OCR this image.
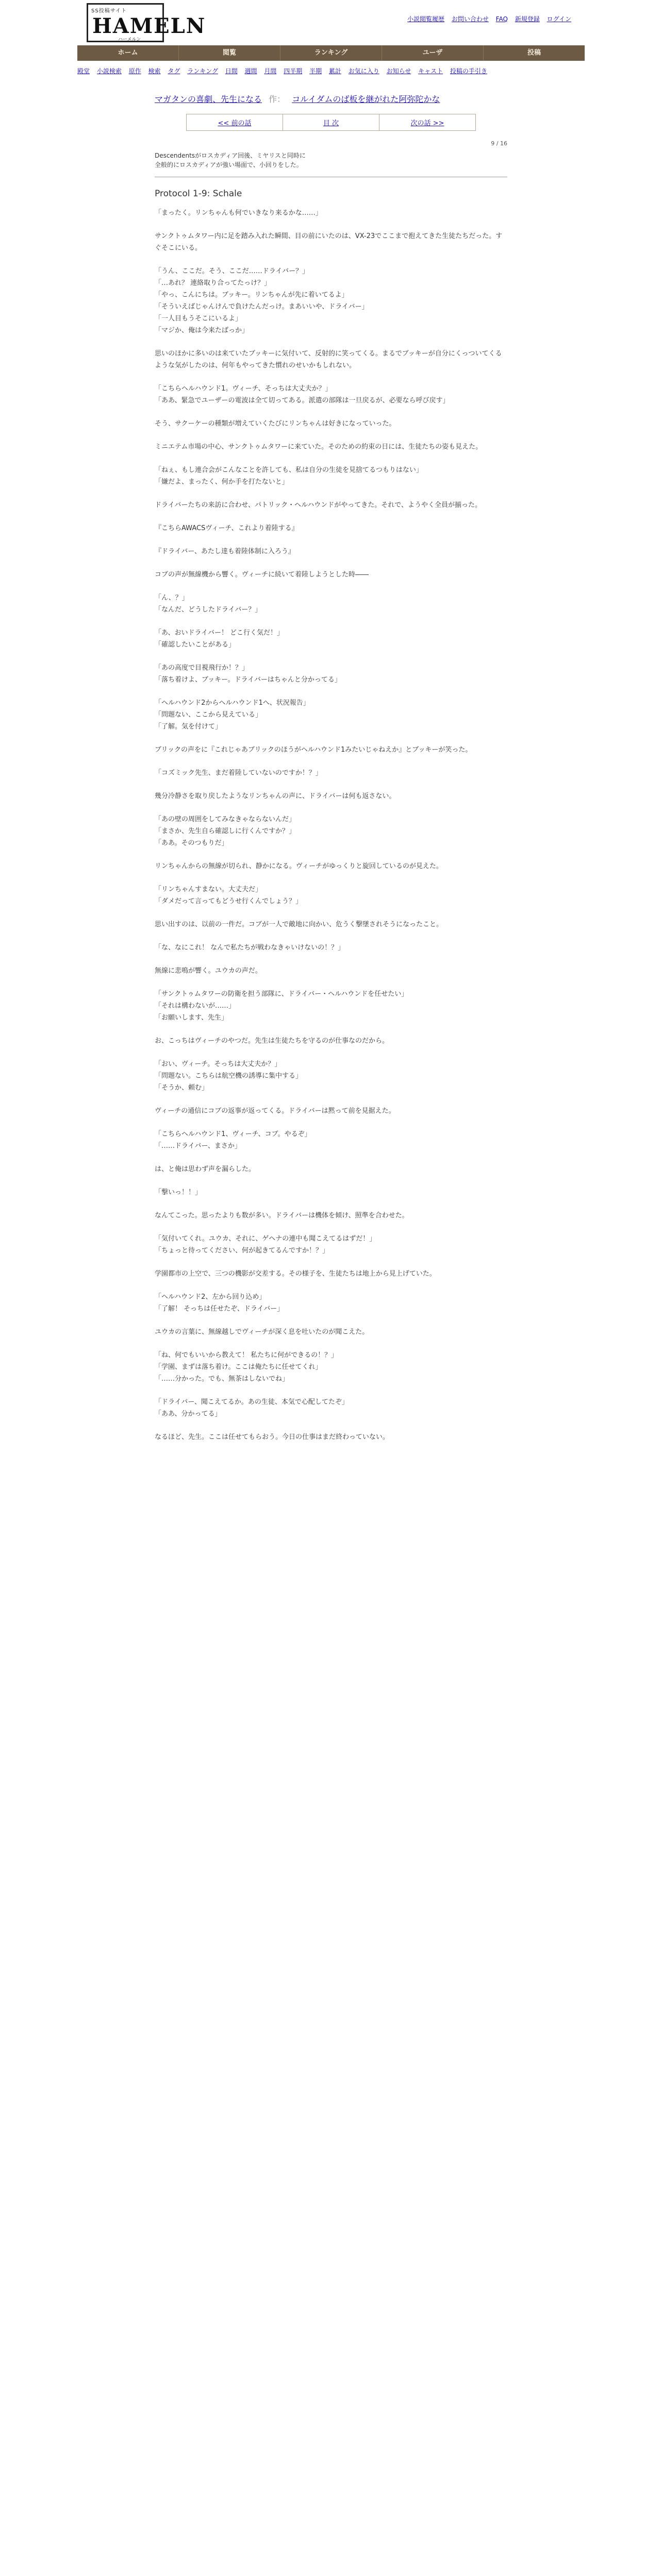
SS投稿サイト
HAMELN
ハーメルン
小説閲覧履歴 お問い合わせ FAQ 新規登録 ログイン
ホーム	閲覧	ランキング	ユーザ	投稿
殿堂 小説検索 原作 検索 タグ ランキング 日間 週間 月間 四半期 半期 累計 お気に入り お知らせ キャスト 投稿の手引き
マガタンの喜劇、先生になる 作： コルイダムのば板を継がれた阿弥陀かな
<< 前の話	目 次	次の話 >>
9 / 16
Descendentsがロスカディア回後、ミヤリスと同時に
全般的にロスカディアが強い場面で、小回りをした。
Protocol 1-9: Schale

「まったく。リンちゃんも何でいきなり来るかな……」

サンクトゥムタワー内に足を踏み入れた瞬間、目の前にいたのは、VX-23でここまで抱えてきた生徒たちだった。すぐそこにいる。

「うん、ここだ。そう、ここだ……ドライバー？」
「…あれ？ 連絡取り合ってたっけ？」
「やっ、こんにちは。ブッキー。リンちゃんが先に着いてるよ」
「そういえばじゃんけんで負けたんだっけ。まあいいや、ドライバー」
「一人目もうそこにいるよ」
「マジか、俺は今来たばっか」

思いのほかに多いのは来ていたブッキーに気付いて、反射的に笑ってくる。まるでブッキーが自分にくっついてくるような気がしたのは、何年もやってきた慣れのせいかもしれない。

「こちらヘルハウンド1。ヴィーチ、そっちは大丈夫か？」
「ああ、緊急でユーザーの電波は全て切ってある。派遣の部隊は一旦戻るが、必要なら呼び戻す」

そう、サクーケーの種類が増えていくたびにリンちゃんは好きになっていった。

ミニエテム市場の中心、サンクトゥムタワーに来ていた。そのための約束の日には、生徒たちの姿も見えた。

「ねぇ、もし連合会がこんなことを許しても、私は自分の生徒を見捨てるつもりはない」
「嫌だよ、まったく、何か手を打たないと」

ドライバーたちの来訪に合わせ、パトリック・ヘルハウンドがやってきた。それで、ようやく全員が揃った。

『こちらAWACSヴィーチ、これより着陸する』

『ドライバー、あたし達も着陸体制に入ろう』

コブの声が無線機から響く。ヴィーチに続いて着陸しようとした時――

「ん、？」
「なんだ、どうしたドライバー？」

「あ、おいドライバー！ どこ行く気だ！」
「確認したいことがある」

「あの高度で目視飛行か！？」
「落ち着けよ、ブッキー。ドライバーはちゃんと分かってる」

「ヘルハウンド2からヘルハウンド1へ、状況報告」
「問題ない、ここから見えている」
「了解。気を付けて」

ブリックの声をに『これじゃあブリックのほうがヘルハウンド1みたいじゃねえか』とブッキーが笑った。

「コズミック先生、まだ着陸していないのですか！？」

幾分冷静さを取り戻したようなリンちゃんの声に、ドライバーは何も返さない。

「あの壁の周囲をしてみなきゃならないんだ」
「まさか、先生自ら確認しに行くんですか？」
「ああ。そのつもりだ」

リンちゃんからの無線が切られ、静かになる。ヴィーチがゆっくりと旋回しているのが見えた。

「リンちゃんすまない。大丈夫だ」
「ダメだって言ってもどうせ行くんでしょう？」

思い出すのは、以前の一件だ。コブが一人で敵地に向かい、危うく撃墜されそうになったこと。

「な、なにこれ！ なんで私たちが戦わなきゃいけないの！？」

無線に悲鳴が響く。ユウカの声だ。

「サンクトゥムタワーの防衛を担う部隊に、ドライバー・ヘルハウンドを任せたい」
「それは構わないが……」
「お願いします、先生」

お、こっちはヴィーチのやつだ。先生は生徒たちを守るのが仕事なのだから。

「おい、ヴィーチ。そっちは大丈夫か？」
「問題ない。こちらは航空機の誘導に集中する」
「そうか、頼む」

ヴィーチの通信にコブの返事が返ってくる。ドライバーは黙って前を見据えた。

「こちらヘルハウンド1、ヴィーチ、コブ。やるぞ」
「……ドライバー、まさか」

は、と俺は思わず声を漏らした。

「撃いっ！！」

なんてこった。思ったよりも数が多い。ドライバーは機体を傾け、照準を合わせた。

「気付いてくれ。ユウカ、それに、ゲヘナの連中も聞こえてるはずだ！」
「ちょっと待ってください、何が起きてるんですか！？」

学園都市の上空で、三つの機影が交差する。その様子を、生徒たちは地上から見上げていた。

「ヘルハウンド2、左から回り込め」
「了解！ そっちは任せたぞ、ドライバー」

ユウカの言葉に、無線越しでヴィーチが深く息を吐いたのが聞こえた。

「ね、何でもいいから教えて！ 私たちに何ができるの！？」
「学園、まずは落ち着け。ここは俺たちに任せてくれ」
「……分かった。でも、無茶はしないでね」

「ドライバー、聞こえてるか。あの生徒、本気で心配してたぞ」
「ああ、分かってる」

なるほど、先生。ここは任せてもらおう。今日の仕事はまだ終わっていない。
